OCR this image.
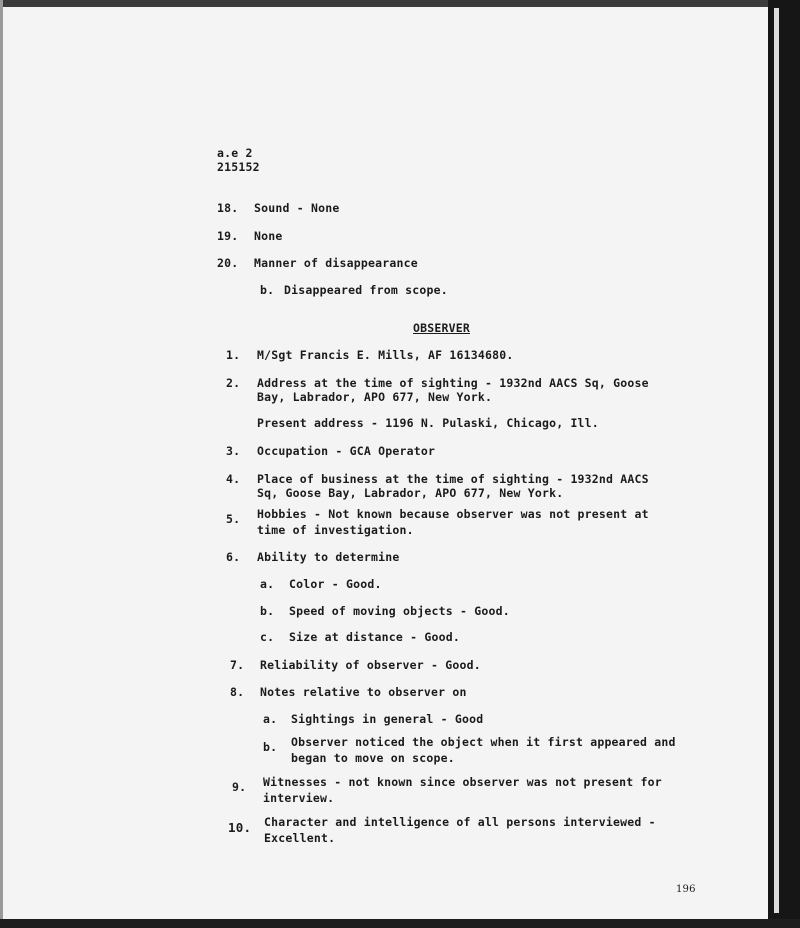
a.e 2
215152
18. Sound - None
19. None
20. Manner of disappearance
b. Disappeared from scope.
OBSERVER
1. M/Sgt Francis E. Mills, AF 16134680.
2. Address at the time of sighting - 1932nd AACS Sq, Goose
Bay, Labrador, APO 677, New York.
Present address - 1196 N. Pulaski, Chicago, Ill.
3. Occupation - GCA Operator
4. Place of business at the time of sighting - 1932nd AACS
Sq, Goose Bay, Labrador, APO 677, New York.
5. Hobbies - Not known because observer was not present at
time of investigation.
6. Ability to determine
a. Color - Good.
b. Speed of moving objects - Good.
c. Size at distance - Good.
7. Reliability of observer - Good.
8. Notes relative to observer on
a. Sightings in general - Good
b. Observer noticed the object when it first appeared and
began to move on scope.
9. Witnesses - not known since observer was not present for
interview.
10. Character and intelligence of all persons interviewed -
Excellent.
196
